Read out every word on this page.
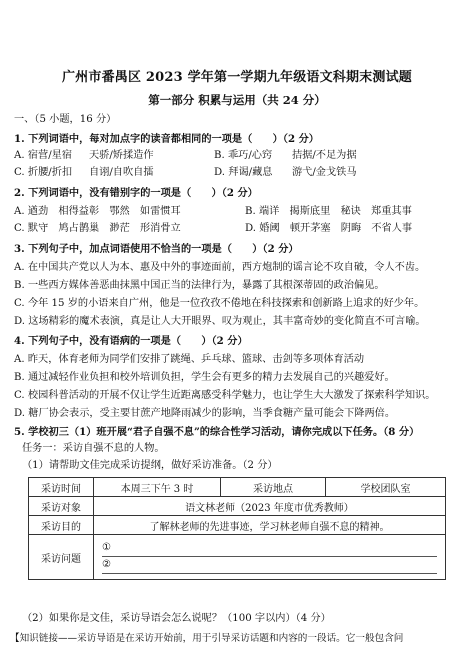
广州市番禺区 2023 学年第一学期九年级语文科期末测试题
第一部分 积累与运用（共 24 分）
一、（5 小题，16 分）
1. 下列词语中，每对加点字的读音都相同的一项是（　　）（2 分）
A. 宿营/星宿 天骄/矫揉造作	B. 乖巧/心窍 拮据/不足为据
C. 折腰/折扣 自诩/自吹自擂	D. 拜谒/藏息 游弋/金戈铁马
2. 下列词语中，没有错别字的一项是（　　）（2 分）
A. 遒劲　相得益彰　鄂然　如雷惯耳	B. 端详　揭斯底里　秘诀　郑重其事
C. 默守　鸠占鹊巢　渺茫　形消骨立	D. 婚阈　顿开茅塞　阴晦　不省人事
3. 下列句子中，加点词语使用不恰当的一项是（　　）（2 分）
A. 在中国共产党以人为本、惠及中外的事迹面前，西方炮制的谣言论不攻自破，令人不齿。
B. 一些西方媒体善恶曲抹黑中国正当的法律行为，暴露了其根深蒂固的政治偏见。
C. 今年 15 岁的小语来自广州，他是一位孜孜不倦地在科技探索和创新路上追求的好少年。
D. 这场精彩的魔术表演，真是让人大开眼界、叹为观止，其丰富奇妙的变化简直不可言喻。
4. 下列句子中，没有语病的一项是（　　）（2 分）
A. 昨天，体育老师为同学们安排了跳绳、乒乓球、篮球、击剑等多项体育活动
B. 通过减轻作业负担和校外培训负担，学生会有更多的精力去发展自己的兴趣爱好。
C. 校园科普活动的开展不仅让学生近距离感受科学魅力，也让学生大大激发了探索科学知识。
D. 糖厂协会表示，受主要甘蔗产地降雨减少的影响，当季食糖产量可能会下降两倍。
5. 学校初三（1）班开展“君子自强不息”的综合性学习活动，请你完成以下任务。（8 分）
任务一：采访自强不息的人物。
（1）请帮助文佳完成采访提纲，做好采访准备。（2 分）
采访时间	本周三下午 3 时	采访地点	学校团队室
采访对象	语文林老师（2023 年度市优秀教师）		
采访目的	了解林老师的先进事迹，学习林老师自强不息的精神。		
采访问题	①
②		
（2）如果你是文佳，采访导语会怎么说呢？（100 字以内）（4 分）
【知识链接——采访导语是在采访开始前，用于引导采访话题和内容的一段话。它一般包含问
